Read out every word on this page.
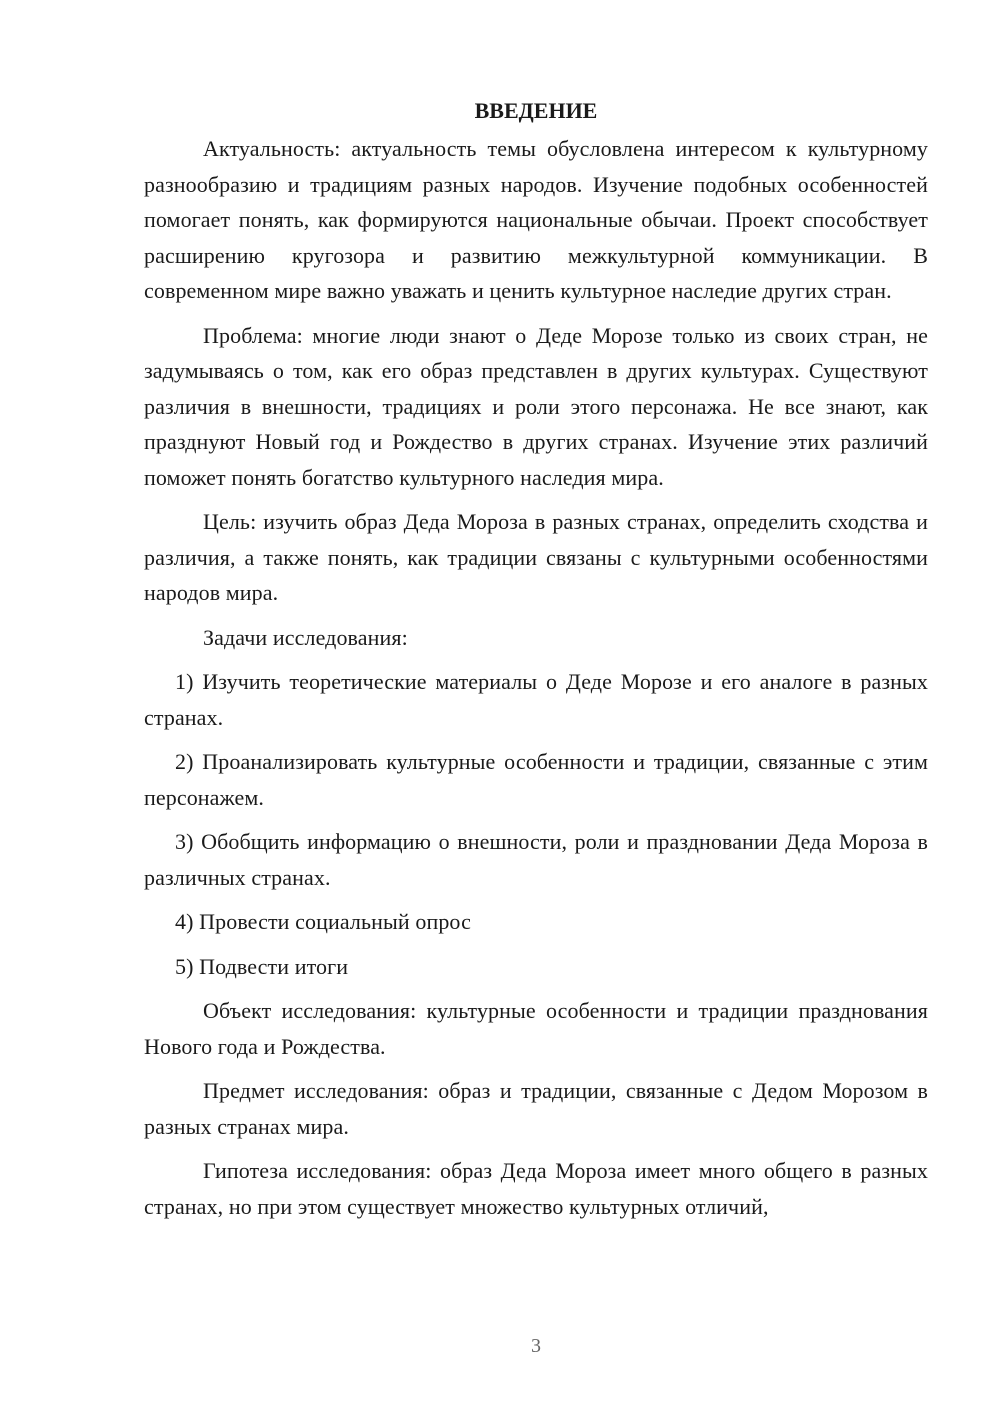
ВВЕДЕНИЕ

Актуальность: актуальность темы обусловлена интересом к культурному разнообразию и традициям разных народов. Изучение подобных особенностей помогает понять, как формируются национальные обычаи. Проект способствует расширению кругозора и развитию межкультурной коммуникации. В современном мире важно уважать и ценить культурное наследие других стран.

Проблема: многие люди знают о Деде Морозе только из своих стран, не задумываясь о том, как его образ представлен в других культурах. Существуют различия в внешности, традициях и роли этого персонажа. Не все знают, как празднуют Новый год и Рождество в других странах. Изучение этих различий поможет понять богатство культурного наследия мира.

Цель: изучить образ Деда Мороза в разных странах, определить сходства и различия, а также понять, как традиции связаны с культурными особенностями народов мира.

Задачи исследования:

1) Изучить теоретические материалы о Деде Морозе и его аналоге в разных странах.

2) Проанализировать культурные особенности и традиции, связанные с этим персонажем.

3) Обобщить информацию о внешности, роли и праздновании Деда Мороза в различных странах.

4) Провести социальный опрос

5) Подвести итоги

Объект исследования: культурные особенности и традиции празднования Нового года и Рождества.

Предмет исследования: образ и традиции, связанные с Дедом Морозом в разных странах мира.

Гипотеза исследования: образ Деда Мороза имеет много общего в разных странах, но при этом существует множество культурных отличий,

3
